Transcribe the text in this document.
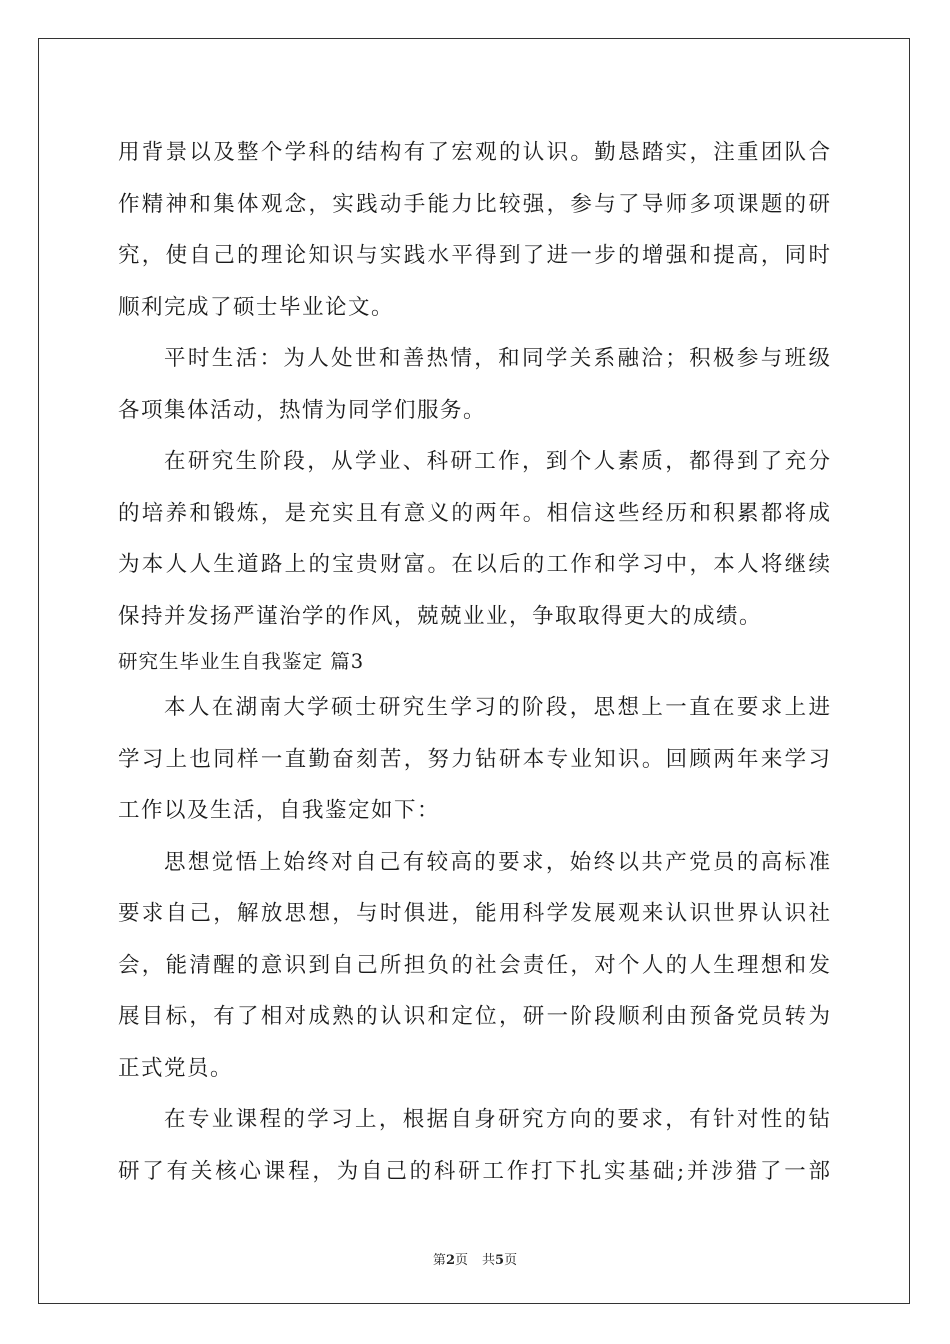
用背景以及整个学科的结构有了宏观的认识。勤恳踏实，注重团队合
作精神和集体观念，实践动手能力比较强，参与了导师多项课题的研
究，使自己的理论知识与实践水平得到了进一步的增强和提高，同时
顺利完成了硕士毕业论文。
平时生活：为人处世和善热情，和同学关系融洽；积极参与班级
各项集体活动，热情为同学们服务。
在研究生阶段，从学业、科研工作，到个人素质，都得到了充分
的培养和锻炼，是充实且有意义的两年。相信这些经历和积累都将成
为本人人生道路上的宝贵财富。在以后的工作和学习中，本人将继续
保持并发扬严谨治学的作风，兢兢业业，争取取得更大的成绩。
研究生毕业生自我鉴定 篇3
本人在湖南大学硕士研究生学习的阶段，思想上一直在要求上进
学习上也同样一直勤奋刻苦，努力钻研本专业知识。回顾两年来学习
工作以及生活，自我鉴定如下：
思想觉悟上始终对自己有较高的要求，始终以共产党员的高标准
要求自己，解放思想，与时俱进，能用科学发展观来认识世界认识社
会，能清醒的意识到自己所担负的社会责任，对个人的人生理想和发
展目标，有了相对成熟的认识和定位，研一阶段顺利由预备党员转为
正式党员。
在专业课程的学习上，根据自身研究方向的要求，有针对性的钻
研了有关核心课程，为自己的科研工作打下扎实基础;并涉猎了一部
第2页 共5页
